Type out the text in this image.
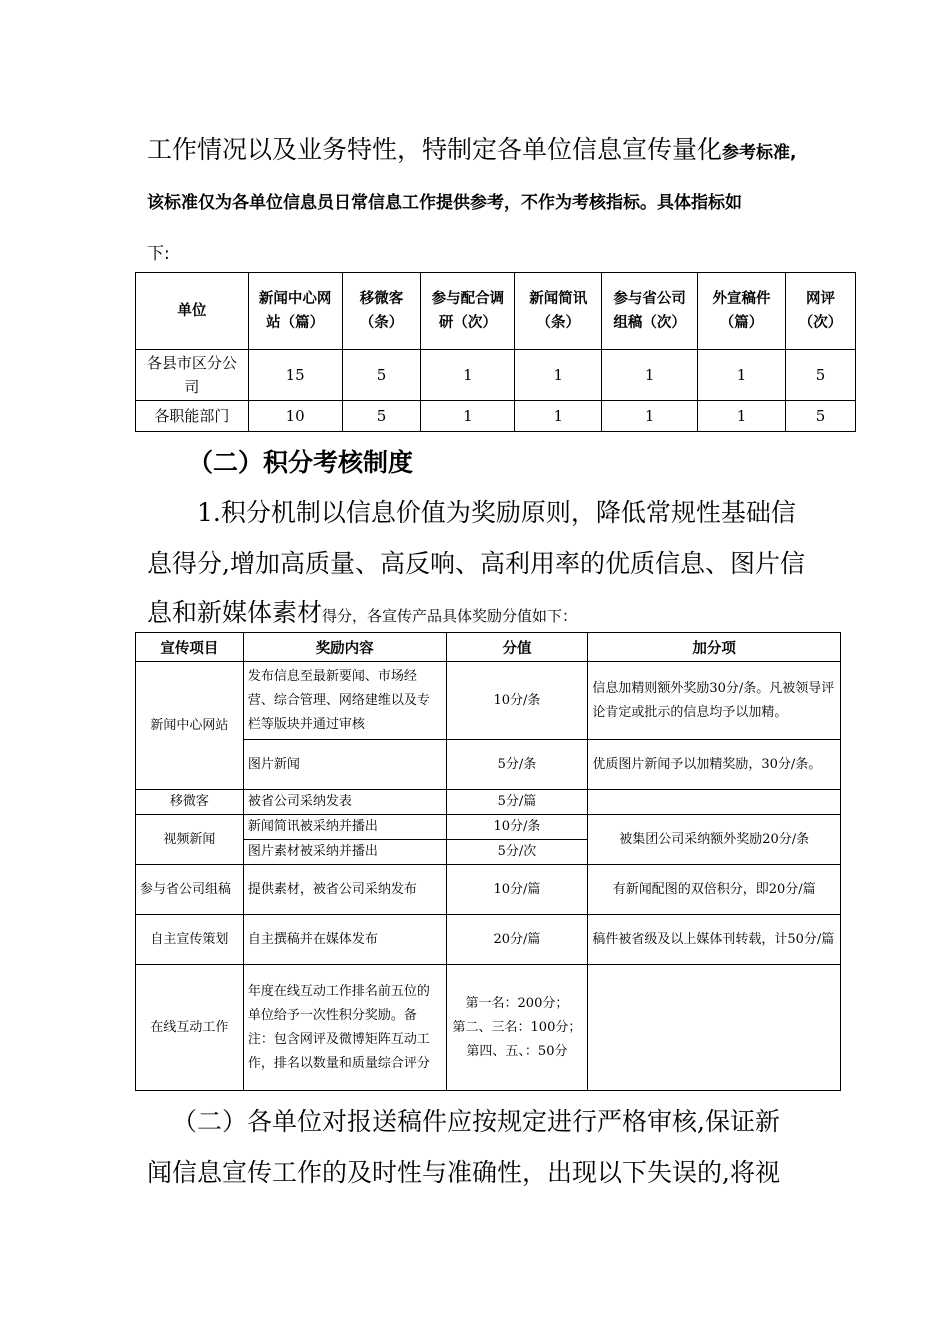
工作情况以及业务特性，特制定各单位信息宣传量化参考标准,
该标准仅为各单位信息员日常信息工作提供参考，不作为考核指标。具体指标如
下:
单位	新闻中心网站（篇）	移微客（条）	参与配合调研（次）	新闻简讯（条）	参与省公司组稿（次）	外宣稿件（篇）	网评（次）
各县市区分公司	15	5	1	1	1	1	5
各职能部门	10	5	1	1	1	1	5
（二）积分考核制度
1.积分机制以信息价值为奖励原则，降低常规性基础信
息得分,增加高质量、高反响、高利用率的优质信息、图片信
息和新媒体素材得分，各宣传产品具体奖励分值如下：
宣传项目	奖励内容	分值	加分项
新闻中心网站	发布信息至最新要闻、市场经营、综合管理、网络建维以及专栏等版块并通过审核	10分/条	信息加精则额外奖励30分/条。凡被领导评论肯定或批示的信息均予以加精。
	图片新闻	5分/条	优质图片新闻予以加精奖励，30分/条。
移微客	被省公司采纳发表	5分/篇	
视频新闻	新闻简讯被采纳并播出	10分/条	被集团公司采纳额外奖励20分/条
	图片素材被采纳并播出	5分/次	
参与省公司组稿	提供素材，被省公司采纳发布	10分/篇	有新闻配图的双倍积分，即20分/篇
自主宣传策划	自主撰稿并在媒体发布	20分/篇	稿件被省级及以上媒体刊转载，计50分/篇
在线互动工作	年度在线互动工作排名前五位的单位给予一次性积分奖励。备注：包含网评及微博矩阵互动工作，排名以数量和质量综合评分	第一名：200分；
第二、三名：100分；
第四、五、：50分	

（二）各单位对报送稿件应按规定进行严格审核,保证新
闻信息宣传工作的及时性与准确性，出现以下失误的,将视
